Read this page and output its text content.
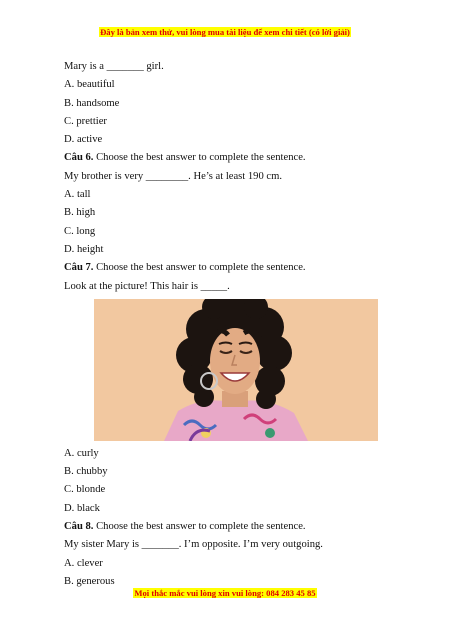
Đây là bản xem thử, vui lòng mua tài liệu để xem chi tiết (có lời giải)
Mary is a _______ girl.
A. beautiful
B. handsome
C. prettier
D. active
Câu 6. Choose the best answer to complete the sentence.
My brother is very ________. He’s at least 190 cm.
A. tall
B. high
C. long
D. height
Câu 7. Choose the best answer to complete the sentence.
Look at the picture! This hair is _____.
A. curly
B. chubby
C. blonde
D. black
Câu 8. Choose the best answer to complete the sentence.
My sister Mary is _______. I’m opposite. I’m very outgoing.
A. clever
B. generous
Mọi thắc mắc vui lòng xin vui lòng: 084 283 45 85
